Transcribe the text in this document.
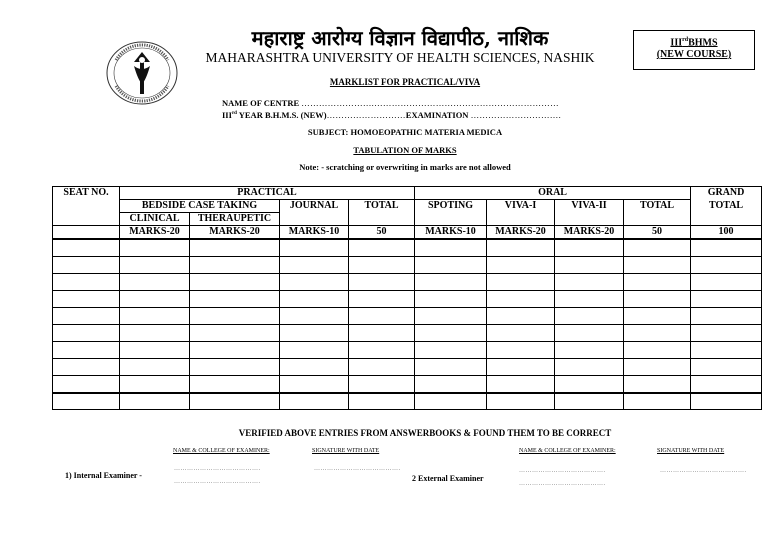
महाराष्ट्र आरोग्य विज्ञान विद्यापीठ, नाशिक
MAHARASHTRA UNIVERSITY OF HEALTH SCIENCES, NASHIK
IIIrdBHMS
(NEW COURSE)
MARKLIST FOR PRACTICAL/VIVA
NAME OF CENTRE …………………….………………………………………………………
IIIrd YEAR B.H.M.S. (NEW)………………………EXAMINATION ………………………….
SUBJECT: HOMOEOPATHIC MATERIA MEDICA
TABULATION OF MARKS
Note: - scratching or overwriting in marks are not allowed
SEAT NO.	PRACTICAL				ORAL				GRAND
	BEDSIDE CASE TAKING		JOURNAL	TOTAL	SPOTING	VIVA-I	VIVA-II	TOTAL	TOTAL
	CLINICAL	THERAUPETIC							
	MARKS-20	MARKS-20	MARKS-10	50	MARKS-10	MARKS-20	MARKS-20	50	100

VERIFIED ABOVE ENTRIES FROM ANSWERBOOKS & FOUND THEM TO BE CORRECT
NAME & COLLEGE OF EXAMINER:	SIGNATURE WITH DATE	NAME & COLLEGE OF EXAMINER:	SIGNATURE WITH DATE
1) Internal Examiner -	2 External Examiner
………………………………….
………………………………….
………………………………….	………………………………….
………………………………….
………………………………….
